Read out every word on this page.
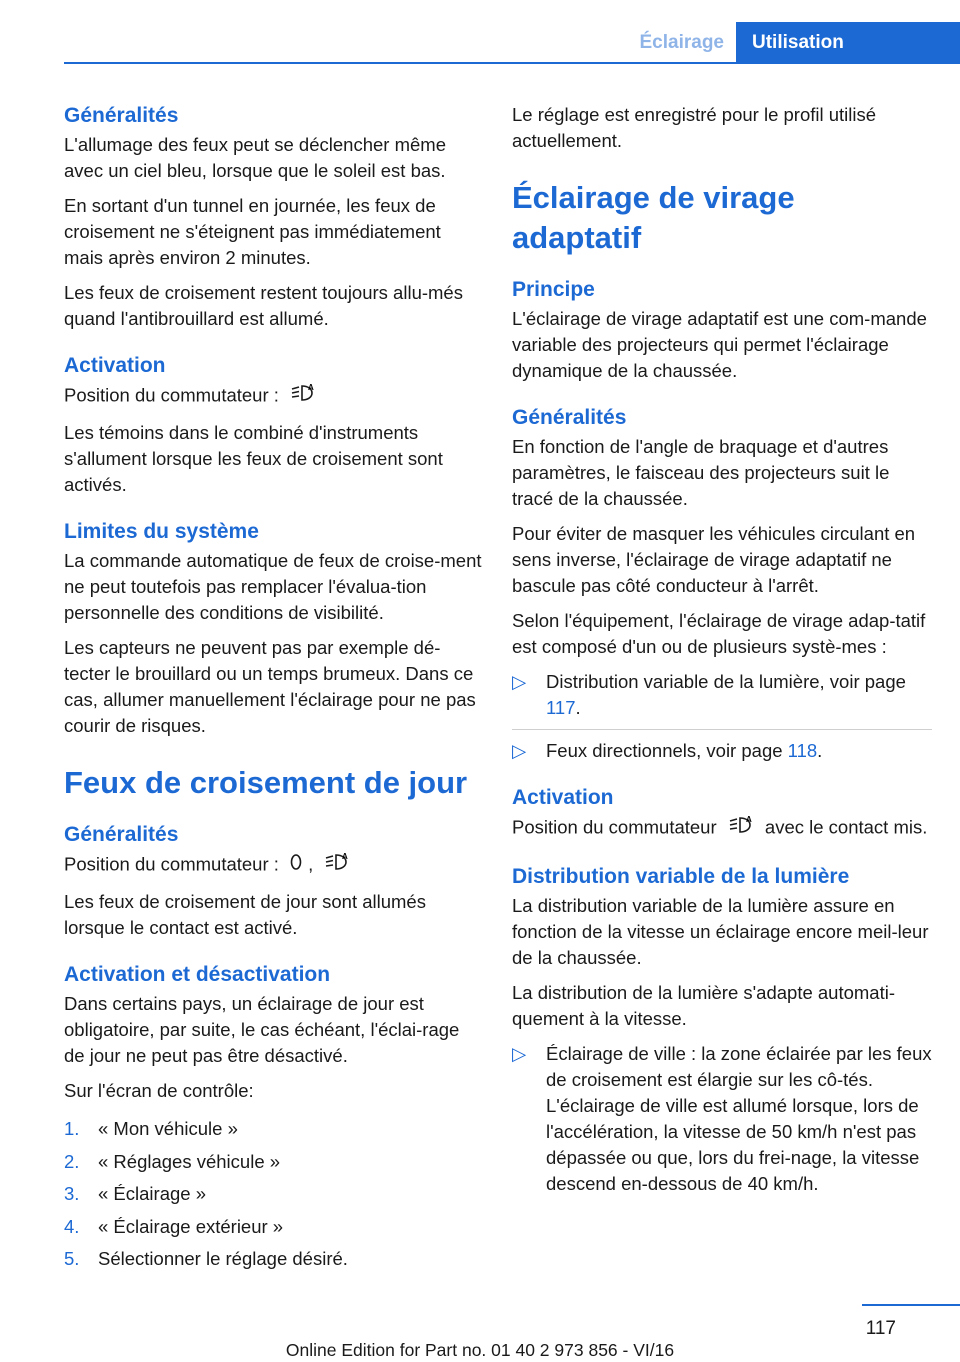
Éclairage	Utilisation
Généralités

L'allumage des feux peut se déclencher même avec un ciel bleu, lorsque que le soleil est bas.

En sortant d'un tunnel en journée, les feux de croisement ne s'éteignent pas immédiatement mais après environ 2 minutes.

Les feux de croisement restent toujours allu‐més quand l'antibrouillard est allumé.

Activation

Position du commutateur :	A

Les témoins dans le combiné d'instruments s'allument lorsque les feux de croisement sont activés.

Limites du système

La commande automatique de feux de croise‐ment ne peut toutefois pas remplacer l'évalua‐tion personnelle des conditions de visibilité.

Les capteurs ne peuvent pas par exemple dé‐tecter le brouillard ou un temps brumeux. Dans ce cas, allumer manuellement l'éclairage pour ne pas courir de risques.

Feux de croisement de jour
Généralités

Position du commutateur : ,	A

Les feux de croisement de jour sont allumés lorsque le contact est activé.

Activation et désactivation

Dans certains pays, un éclairage de jour est obligatoire, par suite, le cas échéant, l'éclai‐rage de jour ne peut pas être désactivé.

Sur l'écran de contrôle:

1. « Mon véhicule »
2. « Réglages véhicule »
3. « Éclairage »
4. « Éclairage extérieur »
5. Sélectionner le réglage désiré.

Le réglage est enregistré pour le profil utilisé actuellement.

Éclairage de virage adaptatif
Principe

L'éclairage de virage adaptatif est une com‐mande variable des projecteurs qui permet l'éclairage dynamique de la chaussée.

Généralités

En fonction de l'angle de braquage et d'autres paramètres, le faisceau des projecteurs suit le tracé de la chaussée.

Pour éviter de masquer les véhicules circulant en sens inverse, l'éclairage de virage adaptatif ne bascule pas côté conducteur à l'arrêt.

Selon l'équipement, l'éclairage de virage adap‐tatif est composé d'un ou de plusieurs systè‐mes :

▷ Distribution variable de la lumière, voir page 117.
▷ Feux directionnels, voir page 118.
Activation

Position du commutateur	A avec le contact mis.

Distribution variable de la lumière

La distribution variable de la lumière assure en fonction de la vitesse un éclairage encore meil‐leur de la chaussée.

La distribution de la lumière s'adapte automati‐quement à la vitesse.

▷ Éclairage de ville : la zone éclairée par les feux de croisement est élargie sur les cô‐tés. L'éclairage de ville est allumé lorsque, lors de l'accélération, la vitesse de 50 km/h n'est pas dépassée ou que, lors du frei‐nage, la vitesse descend en-dessous de 40 km/h.
117
Online Edition for Part no. 01 40 2 973 856 - VI/16
